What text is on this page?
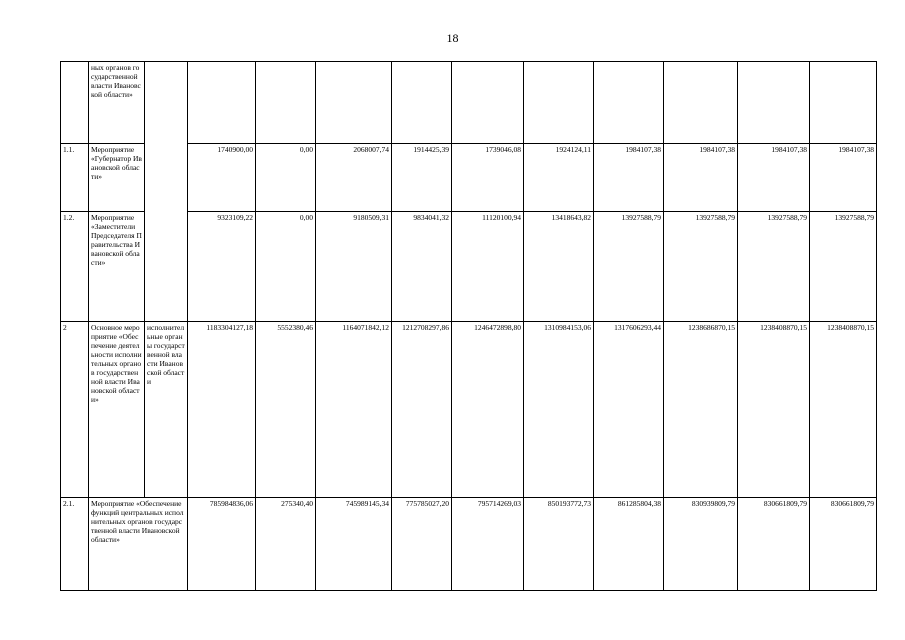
18
	ных органов государственной власти Ивановской области»											
1.1.	Мероприятие «Губернатор Ивановской области»		1740900,00	0,00	2068007,74	1914425,39	1739046,08	1924124,11	1984107,38	1984107,38	1984107,38	1984107,38
1.2.	Мероприятие «Заместители Председателя Правительства Ивановской области»		9323109,22	0,00	9180509,31	9834041,32	11120100,94	13418643,82	13927588,79	13927588,79	13927588,79	13927588,79
2	Основное мероприятие «Обеспечение деятельности исполнительных органов государственной власти Ивановской области»	исполнительные органы государственной власти Ивановской области	1183304127,18	5552380,46	1164071842,12	1212708297,86	1246472898,80	1310984153,06	1317606293,44	1238686870,15	1238408870,15	1238408870,15
2.1.	Мероприятие «Обеспечение функций центральных исполнительных органов государственной власти Ивановской области»		785984836,06	275340,40	745989145,34	775785027,20	795714269,03	850193772,73	861285804,38	830939809,79	830661809,79	830661809,79
